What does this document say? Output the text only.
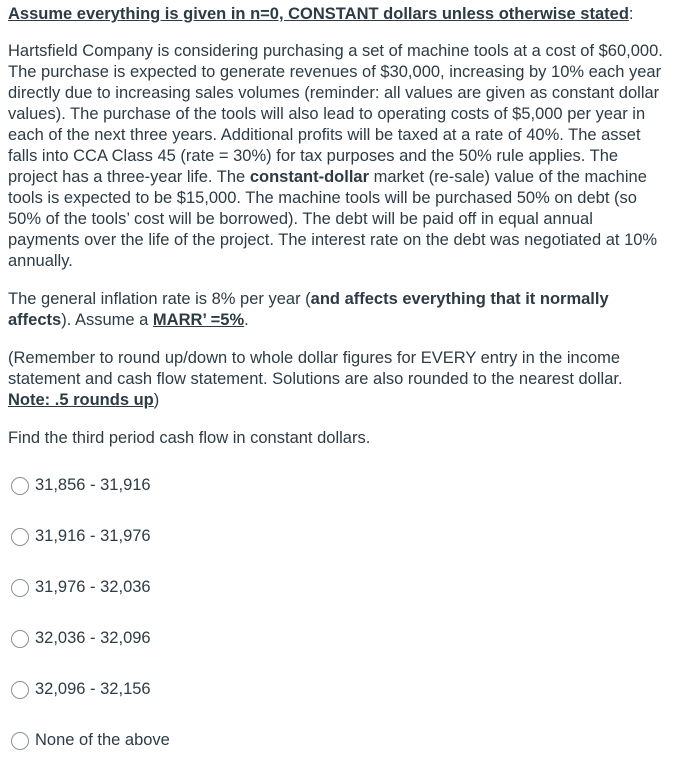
Assume everything is given in n=0, CONSTANT dollars unless otherwise stated:

Hartsfield Company is considering purchasing a set of machine tools at a cost of $60,000. The purchase is expected to generate revenues of $30,000, increasing by 10% each year directly due to increasing sales volumes (reminder: all values are given as constant dollar values). The purchase of the tools will also lead to operating costs of $5,000 per year in each of the next three years. Additional profits will be taxed at a rate of 40%. The asset falls into CCA Class 45 (rate = 30%) for tax purposes and the 50% rule applies. The project has a three-year life. The constant-dollar market (re-sale) value of the machine tools is expected to be $15,000. The machine tools will be purchased 50% on debt (so 50% of the tools’ cost will be borrowed). The debt will be paid off in equal annual payments over the life of the project. The interest rate on the debt was negotiated at 10% annually.

The general inflation rate is 8% per year (and affects everything that it normally affects). Assume a MARR’ =5%.

(Remember to round up/down to whole dollar figures for EVERY entry in the income statement and cash flow statement. Solutions are also rounded to the nearest dollar. Note: .5 rounds up)

Find the third period cash flow in constant dollars.

31,856 - 31,916
31,916 - 31,976
31,976 - 32,036
32,036 - 32,096
32,096 - 32,156
None of the above
